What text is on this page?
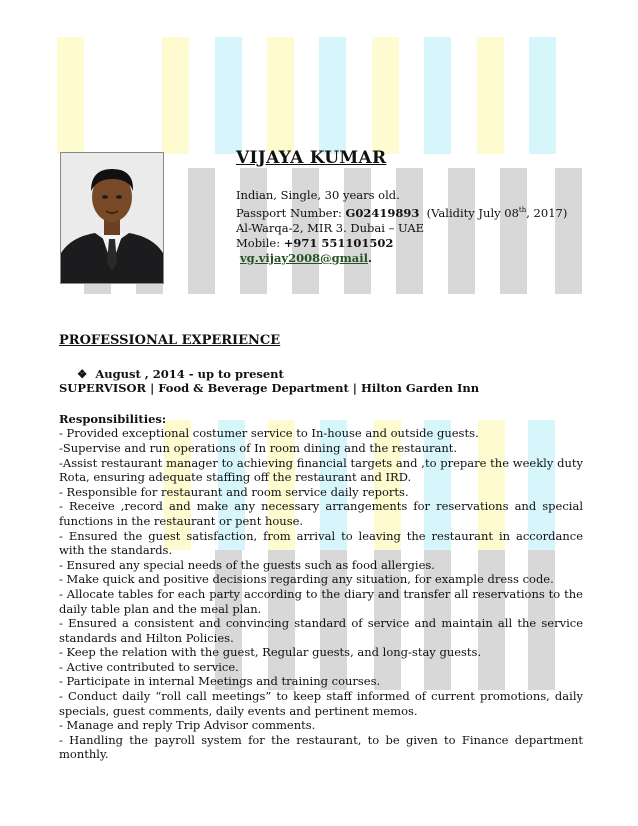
VIJAYA KUMAR
Indian, Single, 30 years old.
Passport Number: G02419893  (Validity July 08th, 2017)
Al-Warqa-2, MIR 3. Dubai – UAE
Mobile: +971 551101502
vg.vijay2008@gmail.
PROFESSIONAL EXPERIENCE
❖ August , 2014 - up to present
SUPERVISOR | Food & Beverage Department | Hilton Garden Inn
Responsibilities:

- Provided exceptional costumer service to In-house and outside guests.

-Supervise and run operations of In room dining and the restaurant.

-Assist restaurant manager to achieving financial targets and ,to prepare the weekly duty Rota, ensuring adequate staffing off the restaurant and IRD.

- Responsible for restaurant and room service daily reports.

- Receive ,record and make any necessary arrangements for reservations and special functions in the restaurant or pent house.

- Ensured the guest satisfaction, from arrival to leaving the restaurant in accordance with the standards.

- Ensured any special needs of the guests such as food allergies.

- Make quick and positive decisions regarding any situation, for example dress code.

- Allocate tables for each party according to the diary and transfer all reservations to the daily table plan and the meal plan.

- Ensured a consistent and convincing standard of service and maintain all the service standards and Hilton Policies.

- Keep the relation with the guest, Regular guests, and long-stay guests.

- Active contributed to service.

- Participate in internal Meetings and training courses.

- Conduct daily “roll call meetings” to keep staff informed of current promotions, daily specials, guest comments, daily events and pertinent memos.

- Manage and reply Trip Advisor comments.

- Handling the payroll system for the restaurant, to be given to Finance department monthly.
